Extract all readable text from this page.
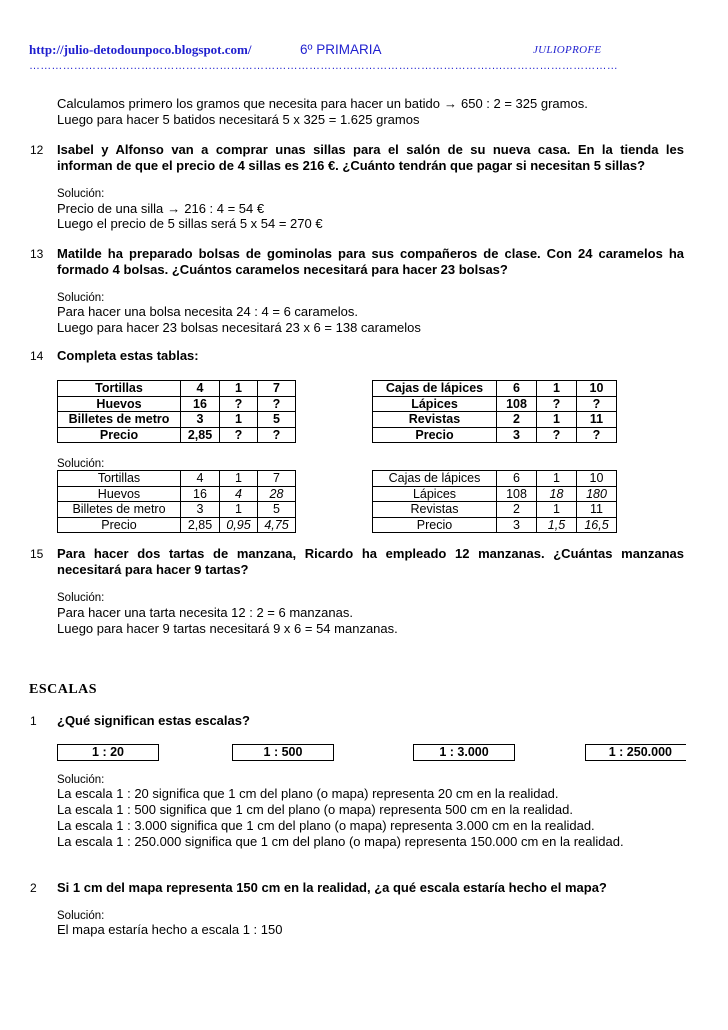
http://julio-detodounpoco.blogspot.com/	6º PRIMARIA	JULIOPROFE
…………………………………………………………………………………………………………….….…………………………
Calculamos primero los gramos que necesita para hacer un batido → 650 : 2 = 325 gramos.
Luego para hacer 5 batidos necesitará 5 x 325 = 1.625 gramos
12 Isabel y Alfonso van a comprar unas sillas para el salón de su nueva casa. En la tienda les
informan de que el precio de 4 sillas es 216 €. ¿Cuánto tendrán que pagar si necesitan 5 sillas?
Solución:
Precio de una silla → 216 : 4 = 54 €
Luego el precio de 5 sillas será 5 x 54 = 270 €
13 Matilde ha preparado bolsas de gominolas para sus compañeros de clase. Con 24 caramelos ha
formado 4 bolsas. ¿Cuántos caramelos necesitará para hacer 23 bolsas?
Solución:
Para hacer una bolsa necesita 24 : 4 = 6 caramelos.
Luego para hacer 23 bolsas necesitará 23 x 6 = 138 caramelos
14 Completa estas tablas:
Tortillas	4	1	7
Huevos	16	?	?
Billetes de metro	3	1	5
Precio	2,85	?	?
Cajas de lápices	6	1	10
Lápices	108	?	?
Revistas	2	1	11
Precio	3	?	?
Solución:
Tortillas	4	1	7
Huevos	16	4	28
Billetes de metro	3	1	5
Precio	2,85	0,95	4,75
Cajas de lápices	6	1	10
Lápices	108	18	180
Revistas	2	1	11
Precio	3	1,5	16,5
15 Para hacer dos tartas de manzana, Ricardo ha empleado 12 manzanas. ¿Cuántas manzanas
necesitará para hacer 9 tartas?
Solución:
Para hacer una tarta necesita 12 : 2 = 6 manzanas.
Luego para hacer 9 tartas necesitará 9 x 6 = 54 manzanas.
ESCALAS
1 ¿Qué significan estas escalas?
1 : 20	1 : 500	1 : 3.000	1 : 250.000
Solución:
La escala 1 : 20 significa que 1 cm del plano (o mapa) representa 20 cm en la realidad.
La escala 1 : 500 significa que 1 cm del plano (o mapa) representa 500 cm en la realidad.
La escala 1 : 3.000 significa que 1 cm del plano (o mapa) representa 3.000 cm en la realidad.
La escala 1 : 250.000 significa que 1 cm del plano (o mapa) representa 150.000 cm en la realidad.
2 Si 1 cm del mapa representa 150 cm en la realidad, ¿a qué escala estaría hecho el mapa?
Solución:
El mapa estaría hecho a escala 1 : 150
